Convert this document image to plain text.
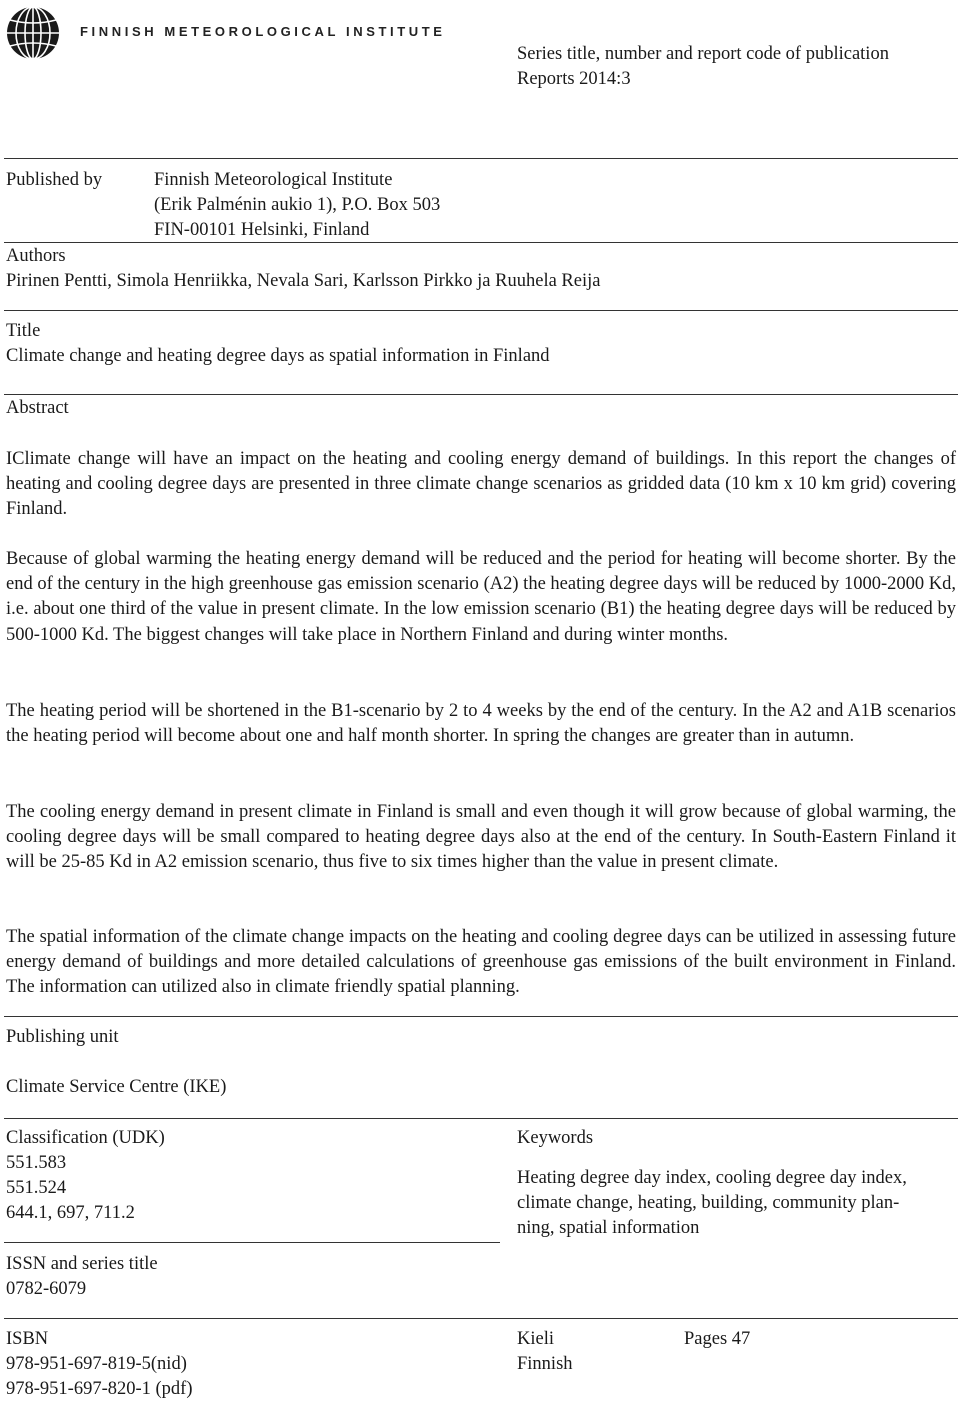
FINNISH METEOROLOGICAL INSTITUTE
Series title, number and report code of publication
Reports 2014:3
Published by	Finnish Meteorological Institute
(Erik Palménin aukio 1), P.O. Box 503
FIN-00101 Helsinki, Finland
Authors
Pirinen Pentti, Simola Henriikka, Nevala Sari, Karlsson Pirkko ja Ruuhela Reija
Title
Climate change and heating degree days as spatial information in Finland
Abstract
IClimate change will have an impact on the heating and cooling energy demand of buildings. In this report the changes of heating and cooling degree days are presented in three climate change scenarios as gridded data (10 km x 10 km grid) covering Finland.
Because of global warming the heating energy demand will be reduced and the period for heating will become shorter. By the end of the century in the high greenhouse gas emission scenario (A2) the heating degree days will be reduced by 1000-2000 Kd, i.e. about one third of the value in present climate. In the low emission scenario (B1) the heating degree days will be reduced by 500-1000 Kd. The biggest changes will take place in Northern Finland and during winter months.
The heating period will be shortened in the B1-scenario by 2 to 4 weeks by the end of the century. In the A2 and A1B scenarios the heating period will become about one and half month shorter. In spring the changes are greater than in autumn.
The cooling energy demand in present climate in Finland is small and even though it will grow because of global warming, the cooling degree days will be small compared to heating degree days also at the end of the century. In South-Eastern Finland it will be 25-85 Kd in A2 emission scenario, thus five to six times higher than the value in present climate.
The spatial information of the climate change impacts on the heating and cooling degree days can be utilized in assessing future energy demand of buildings and more detailed calculations of greenhouse gas emissions of the built environment in Finland. The information can utilized also in climate friendly spatial planning.
Publishing unit
Climate Service Centre (IKE)
Classification (UDK)
551.583
551.524
644.1, 697, 711.2
Keywords
Heating degree day index, cooling degree day index,
climate change, heating, building, community plan-
ning, spatial information
ISSN and series title
0782-6079
ISBN
978-951-697-819-5(nid)
978-951-697-820-1 (pdf)
Kieli
Finnish
Pages 47
